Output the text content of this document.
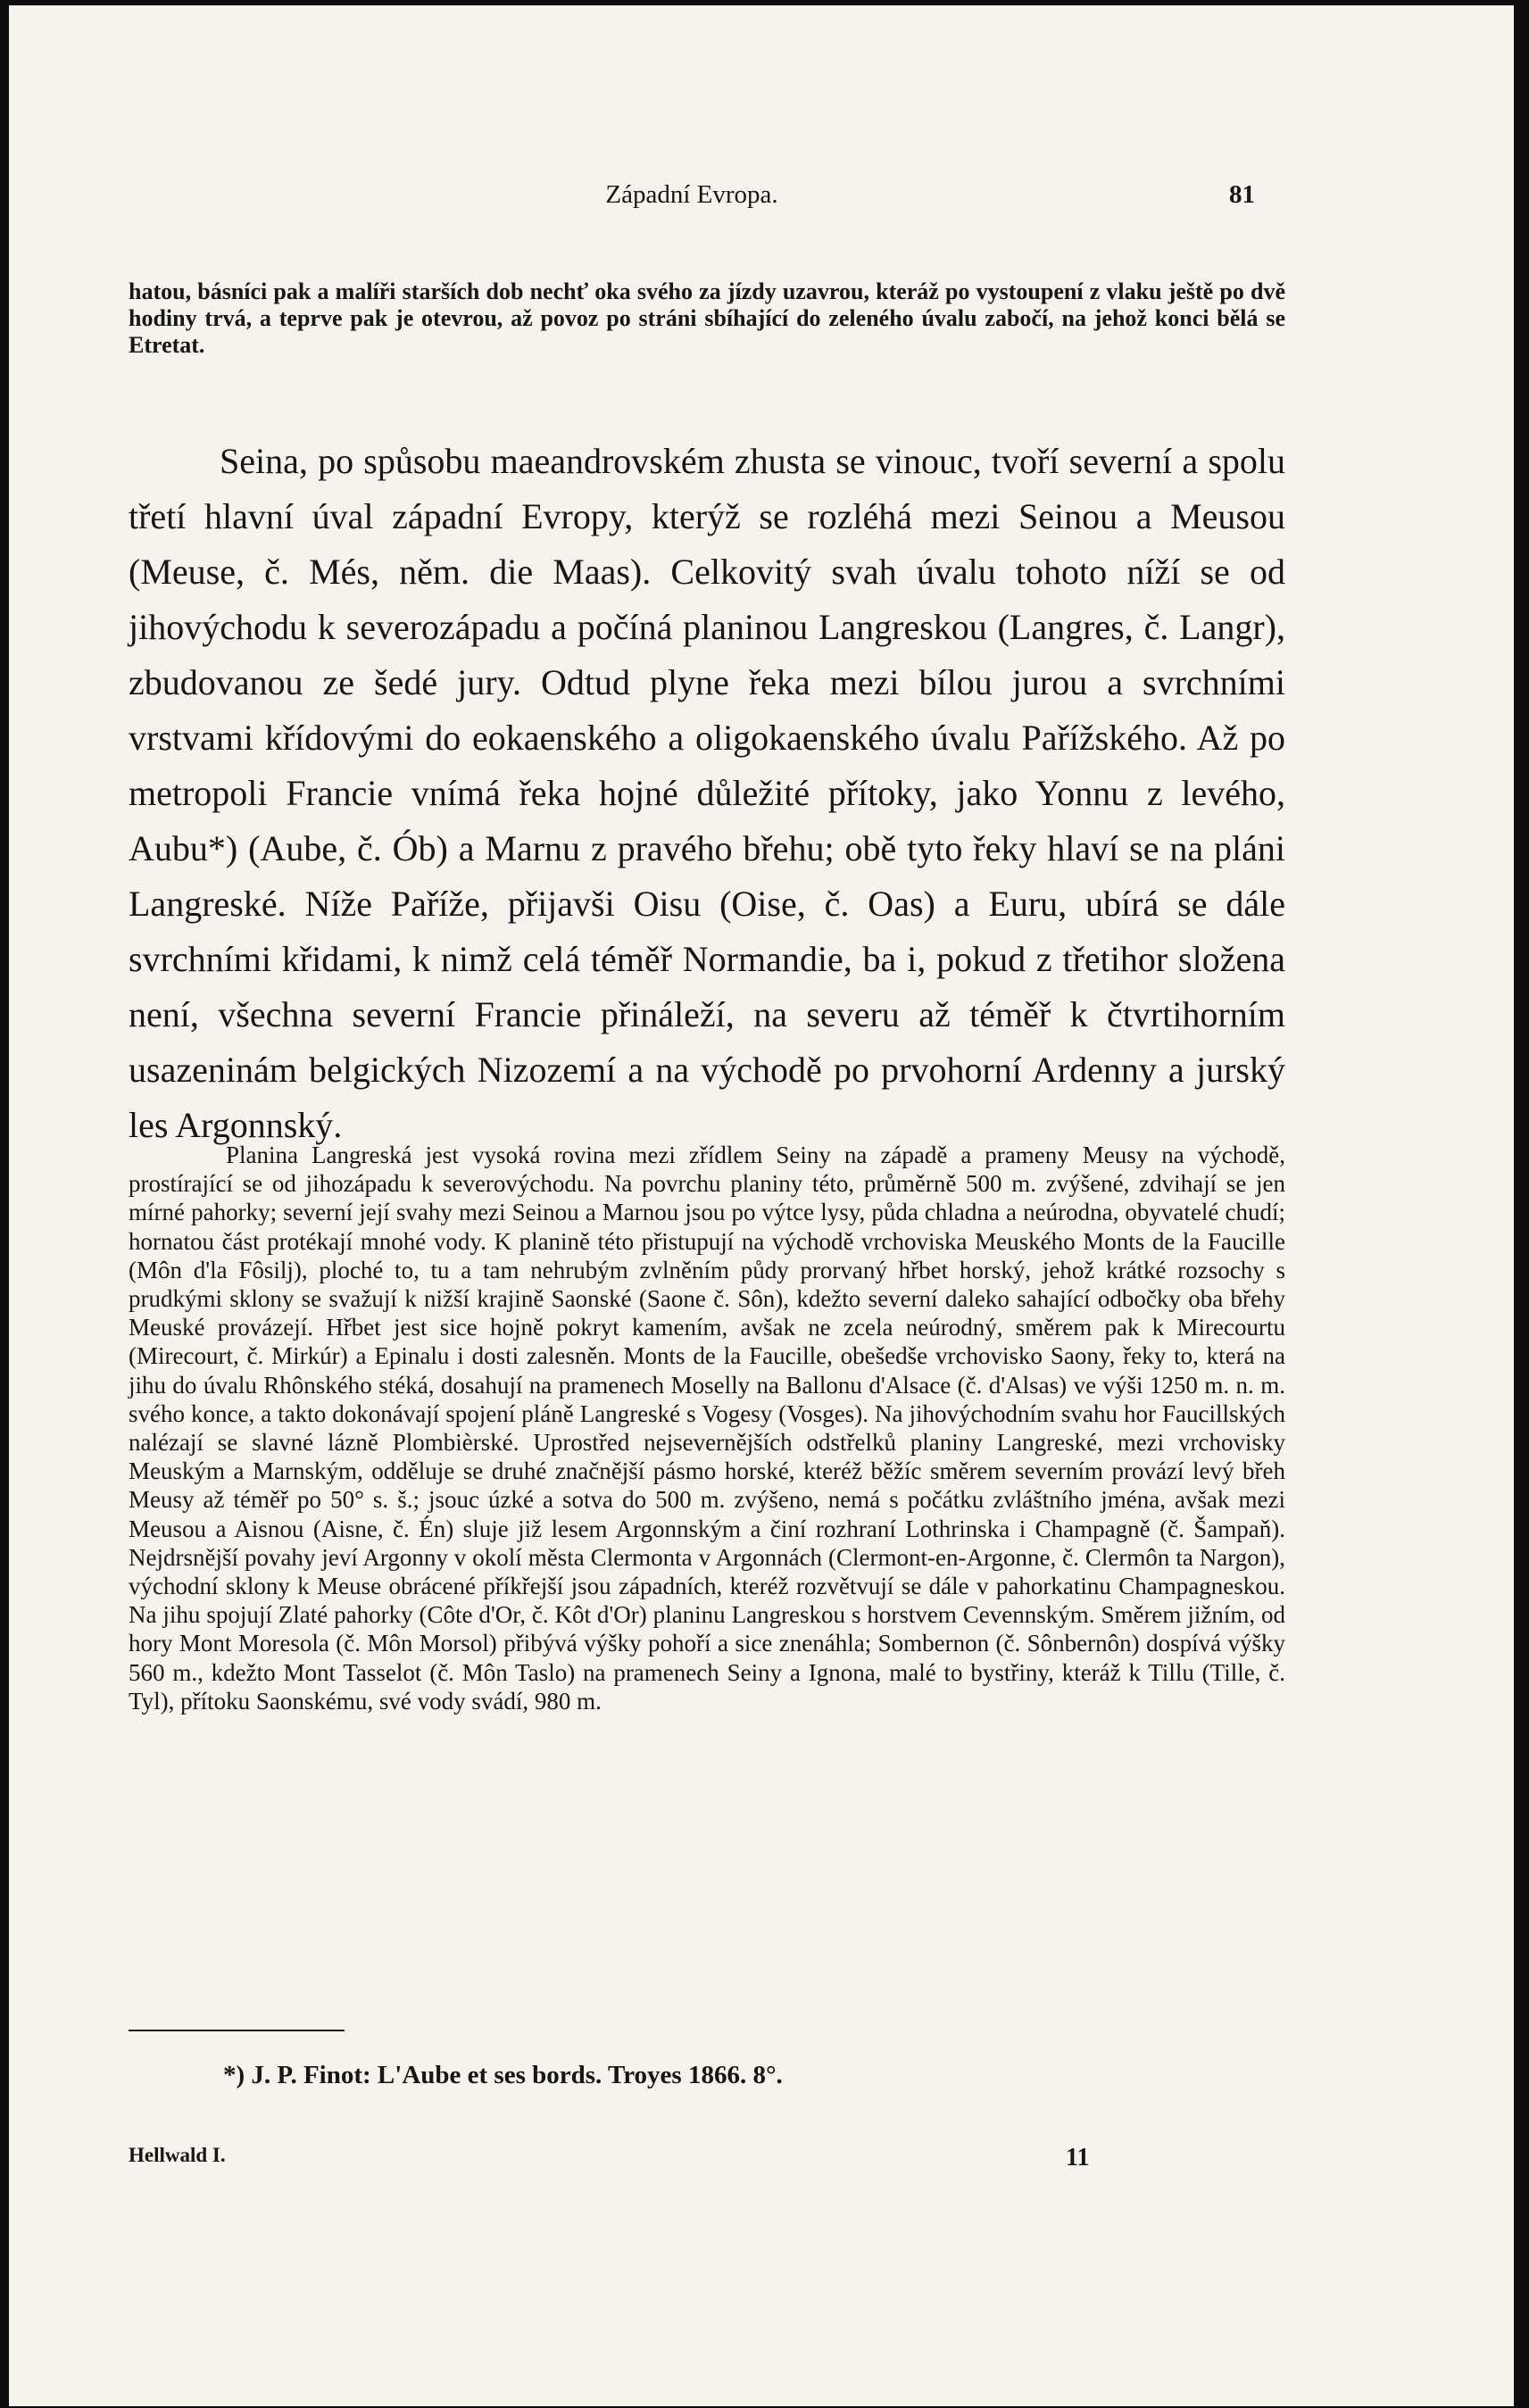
Západní Evropa.	81

hatou, básníci pak a malíři starších dob nechť oka svého za jízdy uzavrou, kteráž po vystoupení z vlaku ještě po dvě hodiny trvá, a teprve pak je otevrou, až povoz po stráni sbíhající do zeleného úvalu zabočí, na jehož konci bělá se Etretat.

Seina, po spůsobu maeandrovském zhusta se vinouc, tvoří severní a spolu třetí hlavní úval západní Evropy, kterýž se rozléhá mezi Seinou a Meusou (Meuse, č. Més, něm. die Maas). Celkovitý svah úvalu tohoto níží se od jihovýchodu k severozápadu a počíná planinou Langreskou (Langres, č. Langr), zbudovanou ze šedé jury. Odtud plyne řeka mezi bílou jurou a svrchními vrstvami křídovými do eokaenského a oligokaenského úvalu Pařížského. Až po metropoli Francie vnímá řeka hojné důležité přítoky, jako Yonnu z levého, Aubu*) (Aube, č. Ób) a Marnu z pravého břehu; obě tyto řeky hlaví se na pláni Langreské. Níže Paříže, přijavši Oisu (Oise, č. Oas) a Euru, ubírá se dále svrchními křidami, k nimž celá téměř Normandie, ba i, pokud z třetihor složena není, všechna severní Francie přináleží, na severu až téměř k čtvrtihorním usazeninám belgických Nizozemí a na východě po prvohorní Ardenny a jurský les Argonnský.

Planina Langreská jest vysoká rovina mezi zřídlem Seiny na západě a prameny Meusy na východě, prostírající se od jihozápadu k severovýchodu. Na povrchu planiny této, průměrně 500 m. zvýšené, zdvihají se jen mírné pahorky; severní její svahy mezi Seinou a Marnou jsou po výtce lysy, půda chladna a neúrodna, obyvatelé chudí; hornatou část protékají mnohé vody. K planině této přistupují na východě vrchoviska Meuského Monts de la Faucille (Môn d'la Fôsilj), ploché to, tu a tam nehrubým zvlněním půdy prorvaný hřbet horský, jehož krátké rozsochy s prudkými sklony se svažují k nižší krajině Saonské (Saone č. Sôn), kdežto severní daleko sahající odbočky oba břehy Meuské provázejí. Hřbet jest sice hojně pokryt kamením, avšak ne zcela neúrodný, směrem pak k Mirecourtu (Mirecourt, č. Mirkúr) a Epinalu i dosti zalesněn. Monts de la Faucille, obešedše vrchovisko Saony, řeky to, která na jihu do úvalu Rhônského stéká, dosahují na pramenech Moselly na Ballonu d'Alsace (č. d'Alsas) ve výši 1250 m. n. m. svého konce, a takto dokonávají spojení pláně Langreské s Vogesy (Vosges). Na jihovýchodním svahu hor Faucillských nalézají se slavné lázně Plombièrské. Uprostřed nejsevernějších odstřelků planiny Langreské, mezi vrchovisky Meuským a Marnským, odděluje se druhé značnější pásmo horské, kteréž běžíc směrem severním provází levý břeh Meusy až téměř po 50° s. š.; jsouc úzké a sotva do 500 m. zvýšeno, nemá s počátku zvláštního jména, avšak mezi Meusou a Aisnou (Aisne, č. Én) sluje již lesem Argonnským a činí rozhraní Lothrinska i Champagně (č. Šampaň). Nejdrsnější povahy jeví Argonny v okolí města Clermonta v Argonnách (Clermont-en-Argonne, č. Clermôn ta Nargon), východní sklony k Meuse obrácené příkřejší jsou západních, kteréž rozvětvují se dále v pahorkatinu Champagneskou. Na jihu spojují Zlaté pahorky (Côte d'Or, č. Kôt d'Or) planinu Langreskou s horstvem Cevennským. Směrem jižním, od hory Mont Moresola (č. Môn Morsol) přibývá výšky pohoří a sice znenáhla; Sombernon (č. Sônbernôn) dospívá výšky 560 m., kdežto Mont Tasselot (č. Môn Taslo) na pramenech Seiny a Ignona, malé to bystřiny, kteráž k Tillu (Tille, č. Tyl), přítoku Saonskému, své vody svádí, 980 m.

*) J. P. Finot: L'Aube et ses bords. Troyes 1866. 8°.
Hellwald I.	11
